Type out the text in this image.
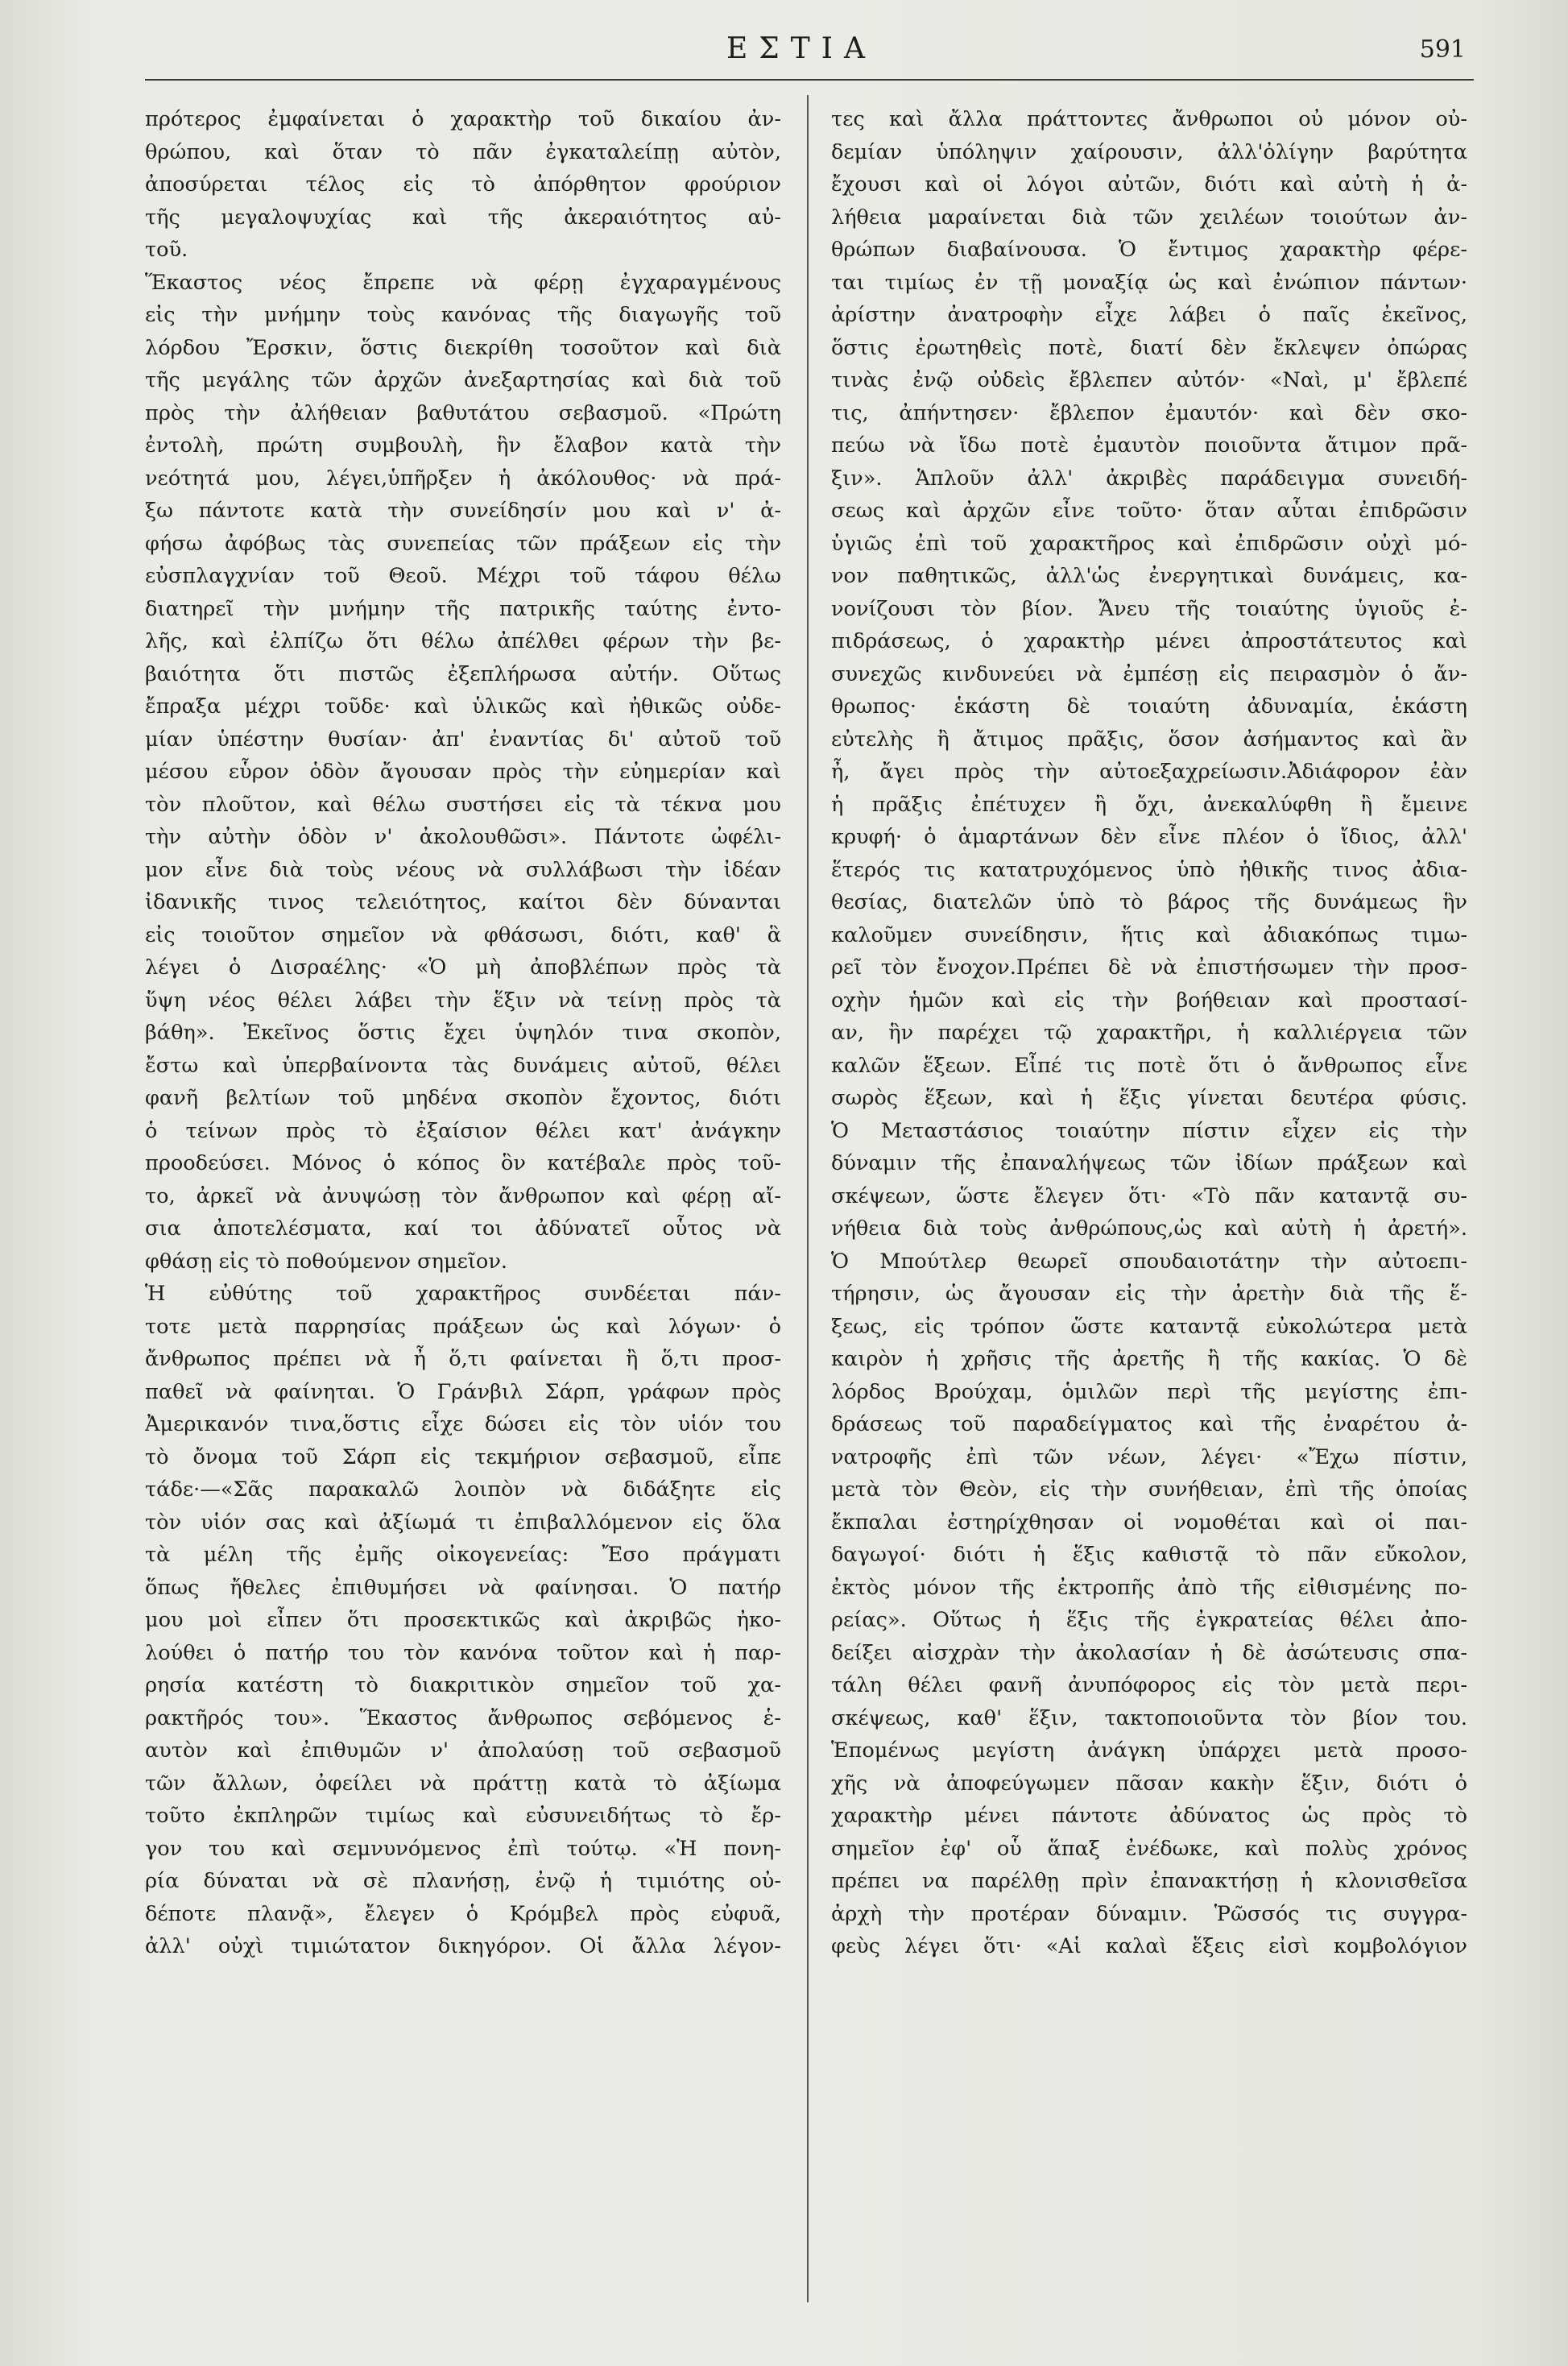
ΕΣΤΙΑ	591
πρότερος ἐμφαίνεται ὁ χαρακτὴρ τοῦ δικαίου ἀν-
θρώπου, καὶ ὅταν τὸ πᾶν ἐγκαταλείπῃ αὐτὸν,
ἀποσύρεται τέλος εἰς τὸ ἀπόρθητον φρούριον
τῆς μεγαλοψυχίας καὶ τῆς ἀκεραιότητος αὐ-
τοῦ.
Ἕκαστος νέος ἔπρεπε νὰ φέρῃ ἐγχαραγμένους
εἰς τὴν μνήμην τοὺς κανόνας τῆς διαγωγῆς τοῦ
λόρδου Ἔρσκιν, ὅστις διεκρίθη τοσοῦτον καὶ διὰ
τῆς μεγάλης τῶν ἀρχῶν ἀνεξαρτησίας καὶ διὰ τοῦ
πρὸς τὴν ἀλήθειαν βαθυτάτου σεβασμοῦ. «Πρώτη
ἐντολὴ, πρώτη συμβουλὴ, ἣν ἔλαβον κατὰ τὴν
νεότητά μου, λέγει,ὑπῆρξεν ἡ ἀκόλουθος· νὰ πρά-
ξω πάντοτε κατὰ τὴν συνείδησίν μου καὶ ν' ἀ-
φήσω ἀφόβως τὰς συνεπείας τῶν πράξεων εἰς τὴν
εὐσπλαγχνίαν τοῦ Θεοῦ. Μέχρι τοῦ τάφου θέλω
διατηρεῖ τὴν μνήμην τῆς πατρικῆς ταύτης ἐντο-
λῆς, καὶ ἐλπίζω ὅτι θέλω ἀπέλθει φέρων τὴν βε-
βαιότητα ὅτι πιστῶς ἐξεπλήρωσα αὐτήν. Οὕτως
ἔπραξα μέχρι τοῦδε· καὶ ὑλικῶς καὶ ἠθικῶς οὐδε-
μίαν ὑπέστην θυσίαν· ἀπ' ἐναντίας δι' αὐτοῦ τοῦ
μέσου εὗρον ὁδὸν ἄγουσαν πρὸς τὴν εὐημερίαν καὶ
τὸν πλοῦτον, καὶ θέλω συστήσει εἰς τὰ τέκνα μου
τὴν αὐτὴν ὁδὸν ν' ἀκολουθῶσι». Πάντοτε ὠφέλι-
μον εἶνε διὰ τοὺς νέους νὰ συλλάβωσι τὴν ἰδέαν
ἰδανικῆς τινος τελειότητος, καίτοι δὲν δύνανται
εἰς τοιοῦτον σημεῖον νὰ φθάσωσι, διότι, καθ' ἃ
λέγει ὁ Δισραέλης· «Ὁ μὴ ἀποβλέπων πρὸς τὰ
ὕψη νέος θέλει λάβει τὴν ἕξιν νὰ τείνῃ πρὸς τὰ
βάθη». Ἐκεῖνος ὅστις ἔχει ὑψηλόν τινα σκοπὸν,
ἔστω καὶ ὑπερβαίνοντα τὰς δυνάμεις αὐτοῦ, θέλει
φανῆ βελτίων τοῦ μηδένα σκοπὸν ἔχοντος, διότι
ὁ τείνων πρὸς τὸ ἐξαίσιον θέλει κατ' ἀνάγκην
προοδεύσει. Μόνος ὁ κόπος ὃν κατέβαλε πρὸς τοῦ-
το, ἀρκεῖ νὰ ἀνυψώσῃ τὸν ἄνθρωπον καὶ φέρῃ αἴ-
σια ἀποτελέσματα, καί τοι ἀδύνατεῖ οὗτος νὰ
φθάσῃ εἰς τὸ ποθούμενον σημεῖον.
Ἡ εὐθύτης τοῦ χαρακτῆρος συνδέεται πάν-
τοτε μετὰ παρρησίας πράξεων ὡς καὶ λόγων· ὁ
ἄνθρωπος πρέπει νὰ ἦ ὅ,τι φαίνεται ἢ ὅ,τι προσ-
παθεῖ νὰ φαίνηται. Ὁ Γράνβιλ Σάρπ, γράφων πρὸς
Ἀμερικανόν τινα,ὅστις εἶχε δώσει εἰς τὸν υἱόν του
τὸ ὄνομα τοῦ Σάρπ εἰς τεκμήριον σεβασμοῦ, εἶπε
τάδε·—«Σᾶς παρακαλῶ λοιπὸν νὰ διδάξητε εἰς
τὸν υἱόν σας καὶ ἀξίωμά τι ἐπιβαλλόμενον εἰς ὅλα
τὰ μέλη τῆς ἐμῆς οἰκογενείας: Ἔσο πράγματι
ὅπως ἤθελες ἐπιθυμήσει νὰ φαίνησαι. Ὁ πατήρ
μου μοὶ εἶπεν ὅτι προσεκτικῶς καὶ ἀκριβῶς ἠκο-
λούθει ὁ πατήρ του τὸν κανόνα τοῦτον καὶ ἡ παρ-
ρησία κατέστη τὸ διακριτικὸν σημεῖον τοῦ χα-
ρακτῆρός του». Ἕκαστος ἄνθρωπος σεβόμενος ἑ-
αυτὸν καὶ ἐπιθυμῶν ν' ἀπολαύσῃ τοῦ σεβασμοῦ
τῶν ἄλλων, ὀφείλει νὰ πράττῃ κατὰ τὸ ἀξίωμα
τοῦτο ἐκπληρῶν τιμίως καὶ εὐσυνειδήτως τὸ ἔρ-
γον του καὶ σεμνυνόμενος ἐπὶ τούτῳ. «Ἡ πονη-
ρία δύναται νὰ σὲ πλανήσῃ, ἐνῷ ἡ τιμιότης οὐ-
δέποτε πλανᾷ», ἔλεγεν ὁ Κρόμβελ πρὸς εὐφυᾶ,
ἀλλ' οὐχὶ τιμιώτατον δικηγόρον. Οἱ ἄλλα λέγον-
τες καὶ ἄλλα πράττοντες ἄνθρωποι οὐ μόνον οὐ-
δεμίαν ὑπόληψιν χαίρουσιν, ἀλλ'ὀλίγην βαρύτητα
ἔχουσι καὶ οἱ λόγοι αὐτῶν, διότι καὶ αὐτὴ ἡ ἀ-
λήθεια μαραίνεται διὰ τῶν χειλέων τοιούτων ἀν-
θρώπων διαβαίνουσα. Ὁ ἔντιμος χαρακτὴρ φέρε-
ται τιμίως ἐν τῇ μοναξίᾳ ὡς καὶ ἐνώπιον πάντων·
ἀρίστην ἀνατροφὴν εἶχε λάβει ὁ παῖς ἐκεῖνος,
ὅστις ἐρωτηθεὶς ποτὲ, διατί δὲν ἔκλεψεν ὀπώρας
τινὰς ἐνῷ οὐδεὶς ἔβλεπεν αὐτόν· «Ναὶ, μ' ἔβλεπέ
τις, ἀπήντησεν· ἔβλεπον ἐμαυτόν· καὶ δὲν σκο-
πεύω νὰ ἴδω ποτὲ ἐμαυτὸν ποιοῦντα ἄτιμον πρᾶ-
ξιν». Ἁπλοῦν ἀλλ' ἀκριβὲς παράδειγμα συνειδή-
σεως καὶ ἀρχῶν εἶνε τοῦτο· ὅταν αὗται ἐπιδρῶσιν
ὑγιῶς ἐπὶ τοῦ χαρακτῆρος καὶ ἐπιδρῶσιν οὐχὶ μό-
νον παθητικῶς, ἀλλ'ὡς ἐνεργητικαὶ δυνάμεις, κα-
νονίζουσι τὸν βίον. Ἄνευ τῆς τοιαύτης ὑγιοῦς ἐ-
πιδράσεως, ὁ χαρακτὴρ μένει ἀπροστάτευτος καὶ
συνεχῶς κινδυνεύει νὰ ἐμπέσῃ εἰς πειρασμὸν ὁ ἄν-
θρωπος· ἑκάστη δὲ τοιαύτη ἀδυναμία, ἑκάστη
εὐτελὴς ἢ ἄτιμος πρᾶξις, ὅσον ἀσήμαντος καὶ ἂν
ἦ, ἄγει πρὸς τὴν αὐτοεξαχρείωσιν.Ἀδιάφορον ἐὰν
ἡ πρᾶξις ἐπέτυχεν ἢ ὄχι, ἀνεκαλύφθη ἢ ἔμεινε
κρυφή· ὁ ἁμαρτάνων δὲν εἶνε πλέον ὁ ἴδιος, ἀλλ'
ἕτερός τις κατατρυχόμενος ὑπὸ ἠθικῆς τινος ἀδια-
θεσίας, διατελῶν ὑπὸ τὸ βάρος τῆς δυνάμεως ἣν
καλοῦμεν συνείδησιν, ἥτις καὶ ἀδιακόπως τιμω-
ρεῖ τὸν ἔνοχον.Πρέπει δὲ νὰ ἐπιστήσωμεν τὴν προσ-
οχὴν ἡμῶν καὶ εἰς τὴν βοήθειαν καὶ προστασί-
αν, ἣν παρέχει τῷ χαρακτῆρι, ἡ καλλιέργεια τῶν
καλῶν ἕξεων. Εἶπέ τις ποτὲ ὅτι ὁ ἄνθρωπος εἶνε
σωρὸς ἕξεων, καὶ ἡ ἕξις γίνεται δευτέρα φύσις.
Ὁ Μεταστάσιος τοιαύτην πίστιν εἶχεν εἰς τὴν
δύναμιν τῆς ἐπαναλήψεως τῶν ἰδίων πράξεων καὶ
σκέψεων, ὥστε ἔλεγεν ὅτι· «Τὸ πᾶν καταντᾷ συ-
νήθεια διὰ τοὺς ἀνθρώπους,ὡς καὶ αὐτὴ ἡ ἀρετή».
Ὁ Μπούτλερ θεωρεῖ σπουδαιοτάτην τὴν αὐτοεπι-
τήρησιν, ὡς ἄγουσαν εἰς τὴν ἀρετὴν διὰ τῆς ἕ-
ξεως, εἰς τρόπον ὥστε καταντᾷ εὐκολώτερα μετὰ
καιρὸν ἡ χρῆσις τῆς ἀρετῆς ἢ τῆς κακίας. Ὁ δὲ
λόρδος Βρούχαμ, ὁμιλῶν περὶ τῆς μεγίστης ἐπι-
δράσεως τοῦ παραδείγματος καὶ τῆς ἐναρέτου ἀ-
νατροφῆς ἐπὶ τῶν νέων, λέγει· «Ἔχω πίστιν,
μετὰ τὸν Θεὸν, εἰς τὴν συνήθειαν, ἐπὶ τῆς ὁποίας
ἔκπαλαι ἐστηρίχθησαν οἱ νομοθέται καὶ οἱ παι-
δαγωγοί· διότι ἡ ἕξις καθιστᾷ τὸ πᾶν εὔκολον,
ἐκτὸς μόνον τῆς ἐκτροπῆς ἀπὸ τῆς εἰθισμένης πο-
ρείας». Οὕτως ἡ ἕξις τῆς ἐγκρατείας θέλει ἀπο-
δείξει αἰσχρὰν τὴν ἀκολασίαν ἡ δὲ ἀσώτευσις σπα-
τάλη θέλει φανῆ ἀνυπόφορος εἰς τὸν μετὰ περι-
σκέψεως, καθ' ἕξιν, τακτοποιοῦντα τὸν βίον του.
Ἑπομένως μεγίστη ἀνάγκη ὑπάρχει μετὰ προσο-
χῆς νὰ ἀποφεύγωμεν πᾶσαν κακὴν ἕξιν, διότι ὁ
χαρακτὴρ μένει πάντοτε ἀδύνατος ὡς πρὸς τὸ
σημεῖον ἐφ' οὗ ἅπαξ ἐνέδωκε, καὶ πολὺς χρόνος
πρέπει να παρέλθῃ πρὶν ἐπανακτήσῃ ἡ κλονισθεῖσα
ἀρχὴ τὴν προτέραν δύναμιν. Ῥῶσσός τις συγγρα-
φεὺς λέγει ὅτι· «Αἱ καλαὶ ἕξεις εἰσὶ κομβολόγιον
